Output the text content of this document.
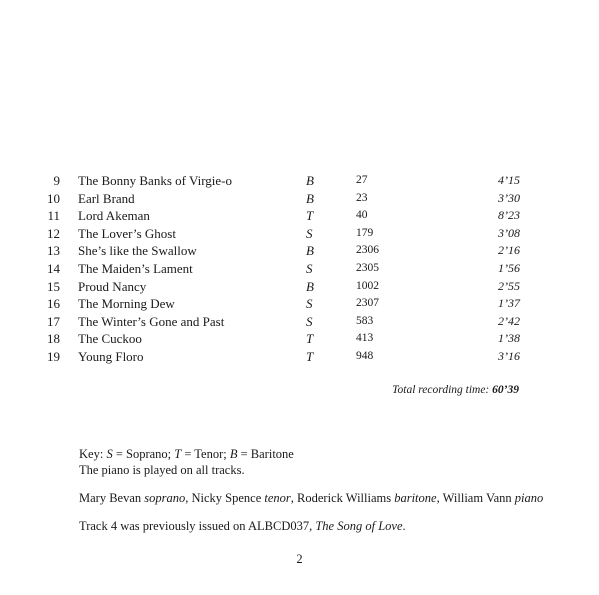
9 The Bonny Banks of Virgie-o	B	27	4’15
10 Earl Brand	B	23	3’30
11 Lord Akeman	T	40	8’23
12 The Lover’s Ghost	S	179	3’08
13 She’s like the Swallow	B	2306	2’16
14 The Maiden’s Lament	S	2305	1’56
15 Proud Nancy	B	1002	2’55
16 The Morning Dew	S	2307	1’37
17 The Winter’s Gone and Past	S	583	2’42
18 The Cuckoo	T	413	1’38
19 Young Floro	T	948	3’16
Total recording time: 60’39

Key: S = Soprano; T = Tenor; B = Baritone

The piano is played on all tracks.

Mary Bevan soprano, Nicky Spence tenor, Roderick Williams baritone, William Vann piano

Track 4 was previously issued on ALBCD037, The Song of Love.

2
